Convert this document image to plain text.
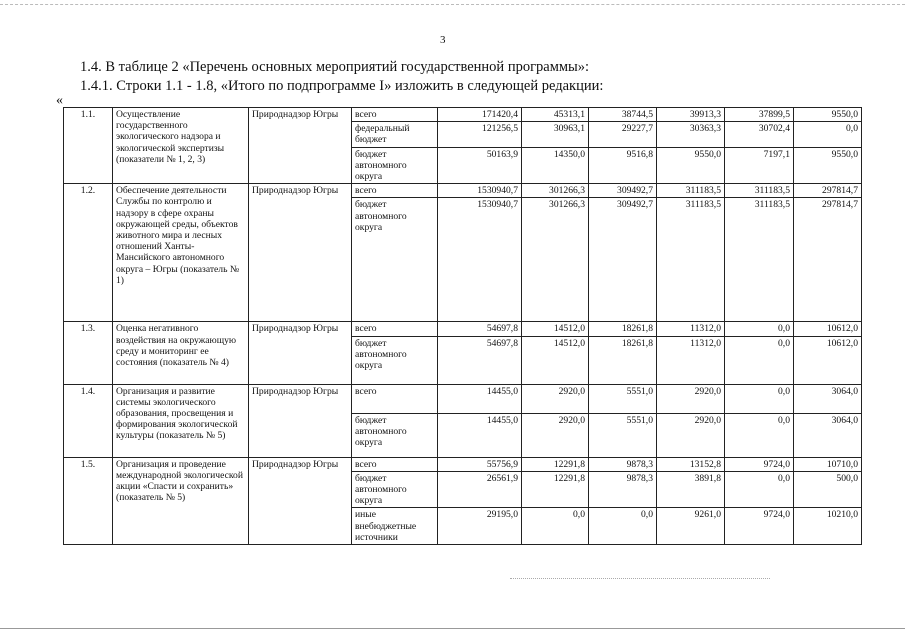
3
1.4. В таблице 2 «Перечень основных мероприятий государственной программы»:
1.4.1. Строки 1.1 - 1.8, «Итого по подпрограмме I» изложить в следующей редакции:
«
1.1.	Осуществление государственного экологического надзора и экологической экспертизы (показатели № 1, 2, 3)	Природнадзор Югры	всего	171420,4	45313,1	38744,5	39913,3	37899,5	9550,0
			федеральный бюджет	121256,5	30963,1	29227,7	30363,3	30702,4	0,0
			бюджет автономного округа	50163,9	14350,0	9516,8	9550,0	7197,1	9550,0
1.2.	Обеспечение деятельности Службы по контролю и надзору в сфере охраны окружающей среды, объектов животного мира и лесных отношений Ханты-Мансийского автономного округа – Югры (показатель № 1)	Природнадзор Югры	всего	1530940,7	301266,3	309492,7	311183,5	311183,5	297814,7
			бюджет автономного округа	1530940,7	301266,3	309492,7	311183,5	311183,5	297814,7
1.3.	Оценка негативного воздействия на окружающую среду и мониторинг ее состояния (показатель № 4)	Природнадзор Югры	всего	54697,8	14512,0	18261,8	11312,0	0,0	10612,0
			бюджет автономного округа	54697,8	14512,0	18261,8	11312,0	0,0	10612,0
1.4.	Организация и развитие системы экологического образования, просвещения и формирования экологической культуры (показатель № 5)	Природнадзор Югры	всего	14455,0	2920,0	5551,0	2920,0	0,0	3064,0
			бюджет автономного округа	14455,0	2920,0	5551,0	2920,0	0,0	3064,0
1.5.	Организация и проведение международной экологической акции «Спасти и сохранить» (показатель № 5)	Природнадзор Югры	всего	55756,9	12291,8	9878,3	13152,8	9724,0	10710,0
			бюджет автономного округа	26561,9	12291,8	9878,3	3891,8	0,0	500,0
			иные внебюджетные источники	29195,0	0,0	0,0	9261,0	9724,0	10210,0
